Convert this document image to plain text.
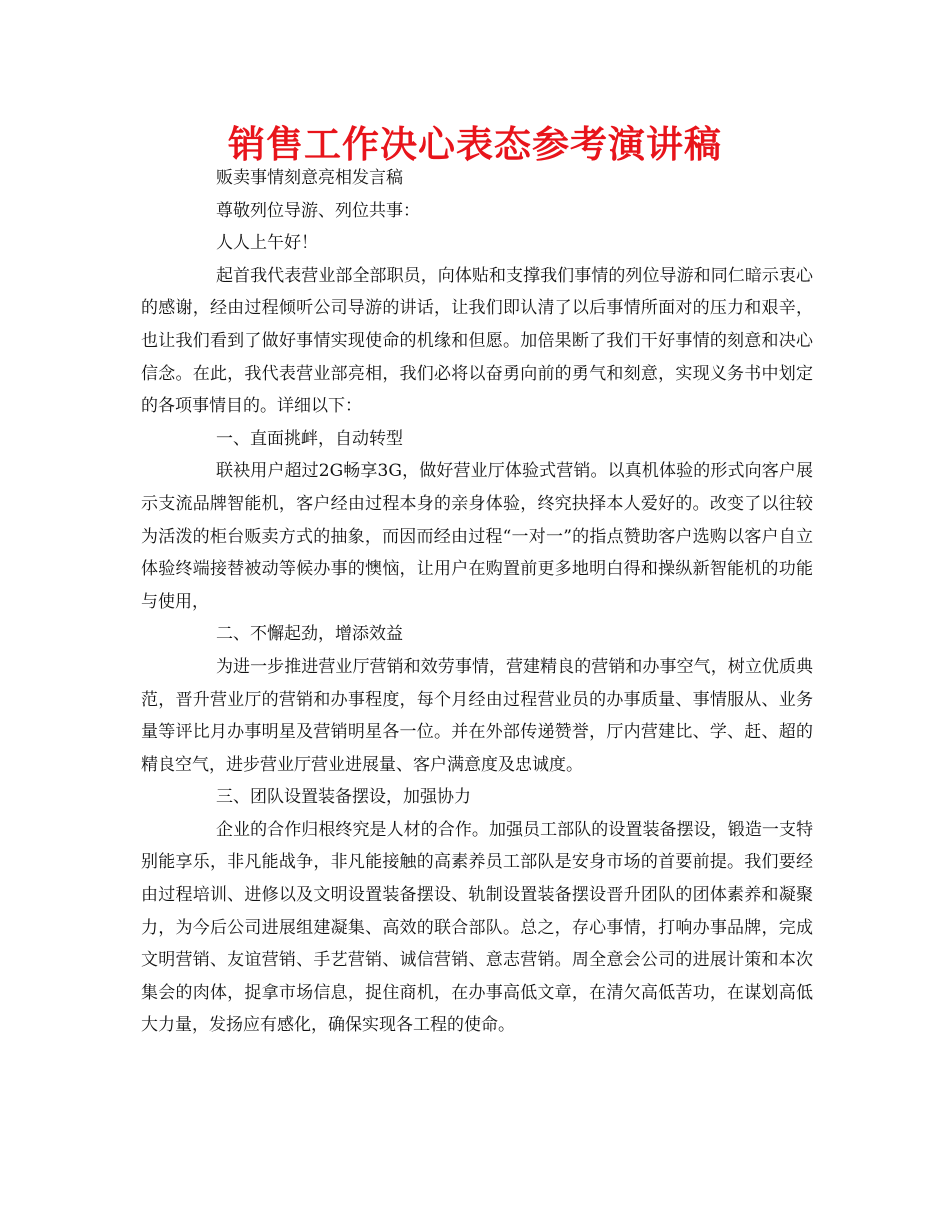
销售工作决心表态参考演讲稿

贩卖事情刻意亮相发言稿

尊敬列位导游、列位共事：

人人上午好！

起首我代表营业部全部职员，向体贴和支撑我们事情的列位导游和同仁暗示衷心的感谢，经由过程倾听公司导游的讲话，让我们即认清了以后事情所面对的压力和艰辛，也让我们看到了做好事情实现使命的机缘和但愿。加倍果断了我们干好事情的刻意和决心信念。在此，我代表营业部亮相，我们必将以奋勇向前的勇气和刻意，实现义务书中划定的各项事情目的。详细以下：

一、直面挑衅，自动转型

联袂用户超过2G畅享3G，做好营业厅体验式营销。以真机体验的形式向客户展示支流品牌智能机，客户经由过程本身的亲身体验，终究抉择本人爱好的。改变了以往较为活泼的柜台贩卖方式的抽象，而因而经由过程“一对一”的指点赞助客户选购以客户自立体验终端接替被动等候办事的懊恼，让用户在购置前更多地明白得和操纵新智能机的功能与使用，

二、不懈起劲，增添效益

为进一步推进营业厅营销和效劳事情，营建精良的营销和办事空气，树立优质典范，晋升营业厅的营销和办事程度，每个月经由过程营业员的办事质量、事情服从、业务量等评比月办事明星及营销明星各一位。并在外部传递赞誉，厅内营建比、学、赶、超的精良空气，进步营业厅营业进展量、客户满意度及忠诚度。

三、团队设置装备摆设，加强协力

企业的合作归根终究是人材的合作。加强员工部队的设置装备摆设，锻造一支特别能享乐，非凡能战争，非凡能接触的高素养员工部队是安身市场的首要前提。我们要经由过程培训、进修以及文明设置装备摆设、轨制设置装备摆设晋升团队的团体素养和凝聚力，为今后公司进展组建凝集、高效的联合部队。总之，存心事情，打响办事品牌，完成文明营销、友谊营销、手艺营销、诚信营销、意志营销。周全意会公司的进展计策和本次集会的肉体，捉拿市场信息，捉住商机，在办事高低文章，在清欠高低苦功，在谋划高低大力量，发扬应有感化，确保实现各工程的使命。
